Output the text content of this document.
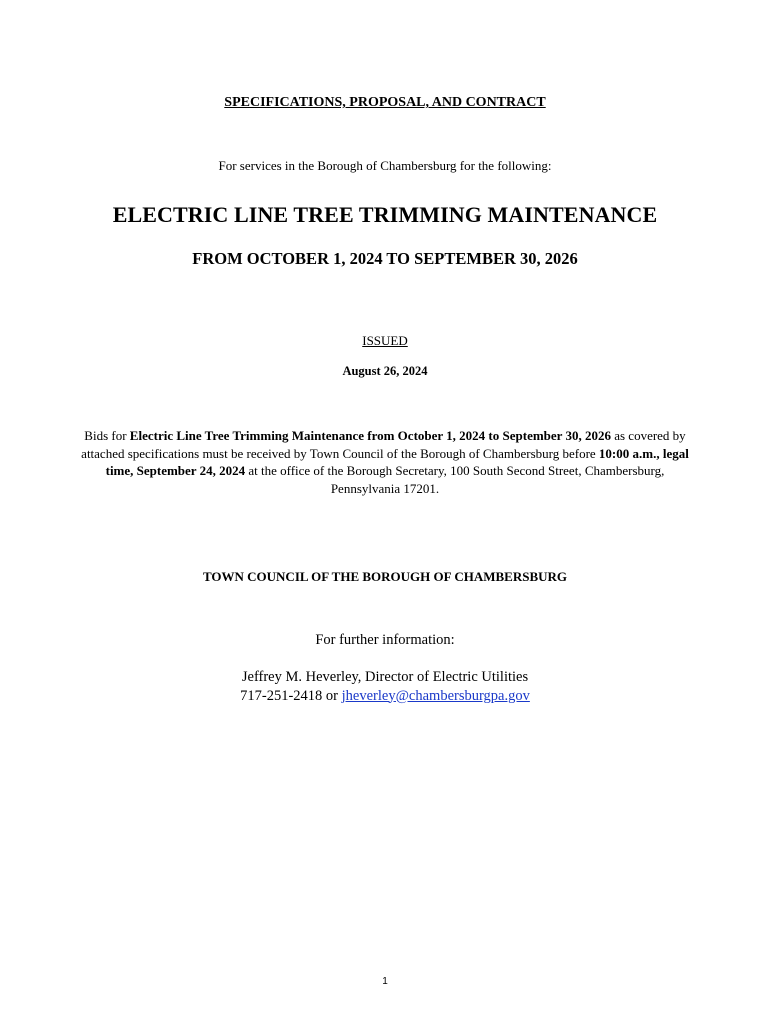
SPECIFICATIONS, PROPOSAL, AND CONTRACT

For services in the Borough of Chambersburg for the following:

ELECTRIC LINE TREE TRIMMING MAINTENANCE
FROM OCTOBER 1, 2024 TO SEPTEMBER 30, 2026

ISSUED

August 26, 2024

Bids for Electric Line Tree Trimming Maintenance from October 1, 2024 to September 30, 2026 as covered by attached specifications must be received by Town Council of the Borough of Chambersburg before 10:00 a.m., legal time, September 24, 2024 at the office of the Borough Secretary, 100 South Second Street, Chambersburg, Pennsylvania 17201.

TOWN COUNCIL OF THE BOROUGH OF CHAMBERSBURG

For further information:

Jeffrey M. Heverley, Director of Electric Utilities
717-251-2418 or jheverley@chambersburgpa.gov

1
